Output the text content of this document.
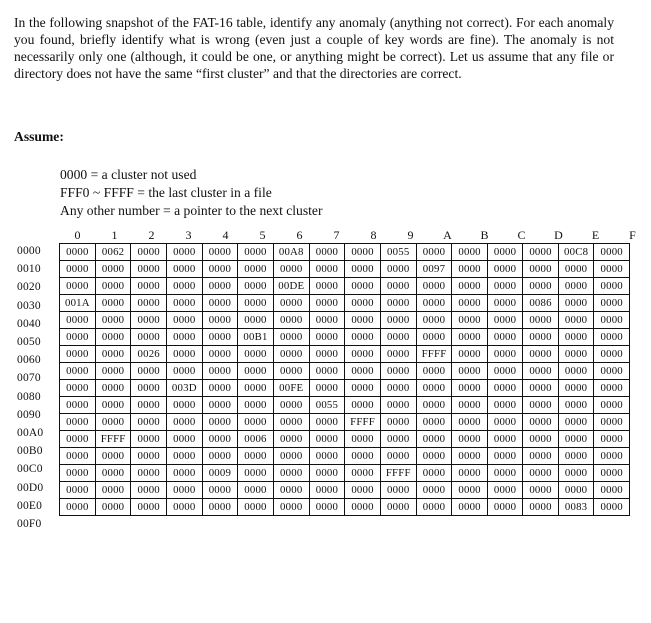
In the following snapshot of the FAT-16 table, identify any anomaly (anything not correct). For each anomaly you found, briefly identify what is wrong (even just a couple of key words are fine). The anomaly is not necessarily only one (although, it could be one, or anything might be correct). Let us assume that any file or directory does not have the same “first cluster” and that the directories are correct.
Assume:
0000 = a cluster not used
FFF0 ~ FFFF = the last cluster in a file
Any other number = a pointer to the next cluster
0	1	2	3	4	5	6	7	8	9	A	B	C	D	E	F
0000
0010
0020
0030
0040
0050
0060
0070
0080
0090
00A0
00B0
00C0
00D0
00E0
00F0
0000	0062	0000	0000	0000	0000	00A8	0000	0000	0055	0000	0000	0000	0000	00C8	0000
0000	0000	0000	0000	0000	0000	0000	0000	0000	0000	0097	0000	0000	0000	0000	0000
0000	0000	0000	0000	0000	0000	00DE	0000	0000	0000	0000	0000	0000	0000	0000	0000
001A	0000	0000	0000	0000	0000	0000	0000	0000	0000	0000	0000	0000	0086	0000	0000
0000	0000	0000	0000	0000	0000	0000	0000	0000	0000	0000	0000	0000	0000	0000	0000
0000	0000	0000	0000	0000	00B1	0000	0000	0000	0000	0000	0000	0000	0000	0000	0000
0000	0000	0026	0000	0000	0000	0000	0000	0000	0000	FFFF	0000	0000	0000	0000	0000
0000	0000	0000	0000	0000	0000	0000	0000	0000	0000	0000	0000	0000	0000	0000	0000
0000	0000	0000	003D	0000	0000	00FE	0000	0000	0000	0000	0000	0000	0000	0000	0000
0000	0000	0000	0000	0000	0000	0000	0055	0000	0000	0000	0000	0000	0000	0000	0000
0000	0000	0000	0000	0000	0000	0000	0000	FFFF	0000	0000	0000	0000	0000	0000	0000
0000	FFFF	0000	0000	0000	0006	0000	0000	0000	0000	0000	0000	0000	0000	0000	0000
0000	0000	0000	0000	0000	0000	0000	0000	0000	0000	0000	0000	0000	0000	0000	0000
0000	0000	0000	0000	0009	0000	0000	0000	0000	FFFF	0000	0000	0000	0000	0000	0000
0000	0000	0000	0000	0000	0000	0000	0000	0000	0000	0000	0000	0000	0000	0000	0000
0000	0000	0000	0000	0000	0000	0000	0000	0000	0000	0000	0000	0000	0000	0083	0000
